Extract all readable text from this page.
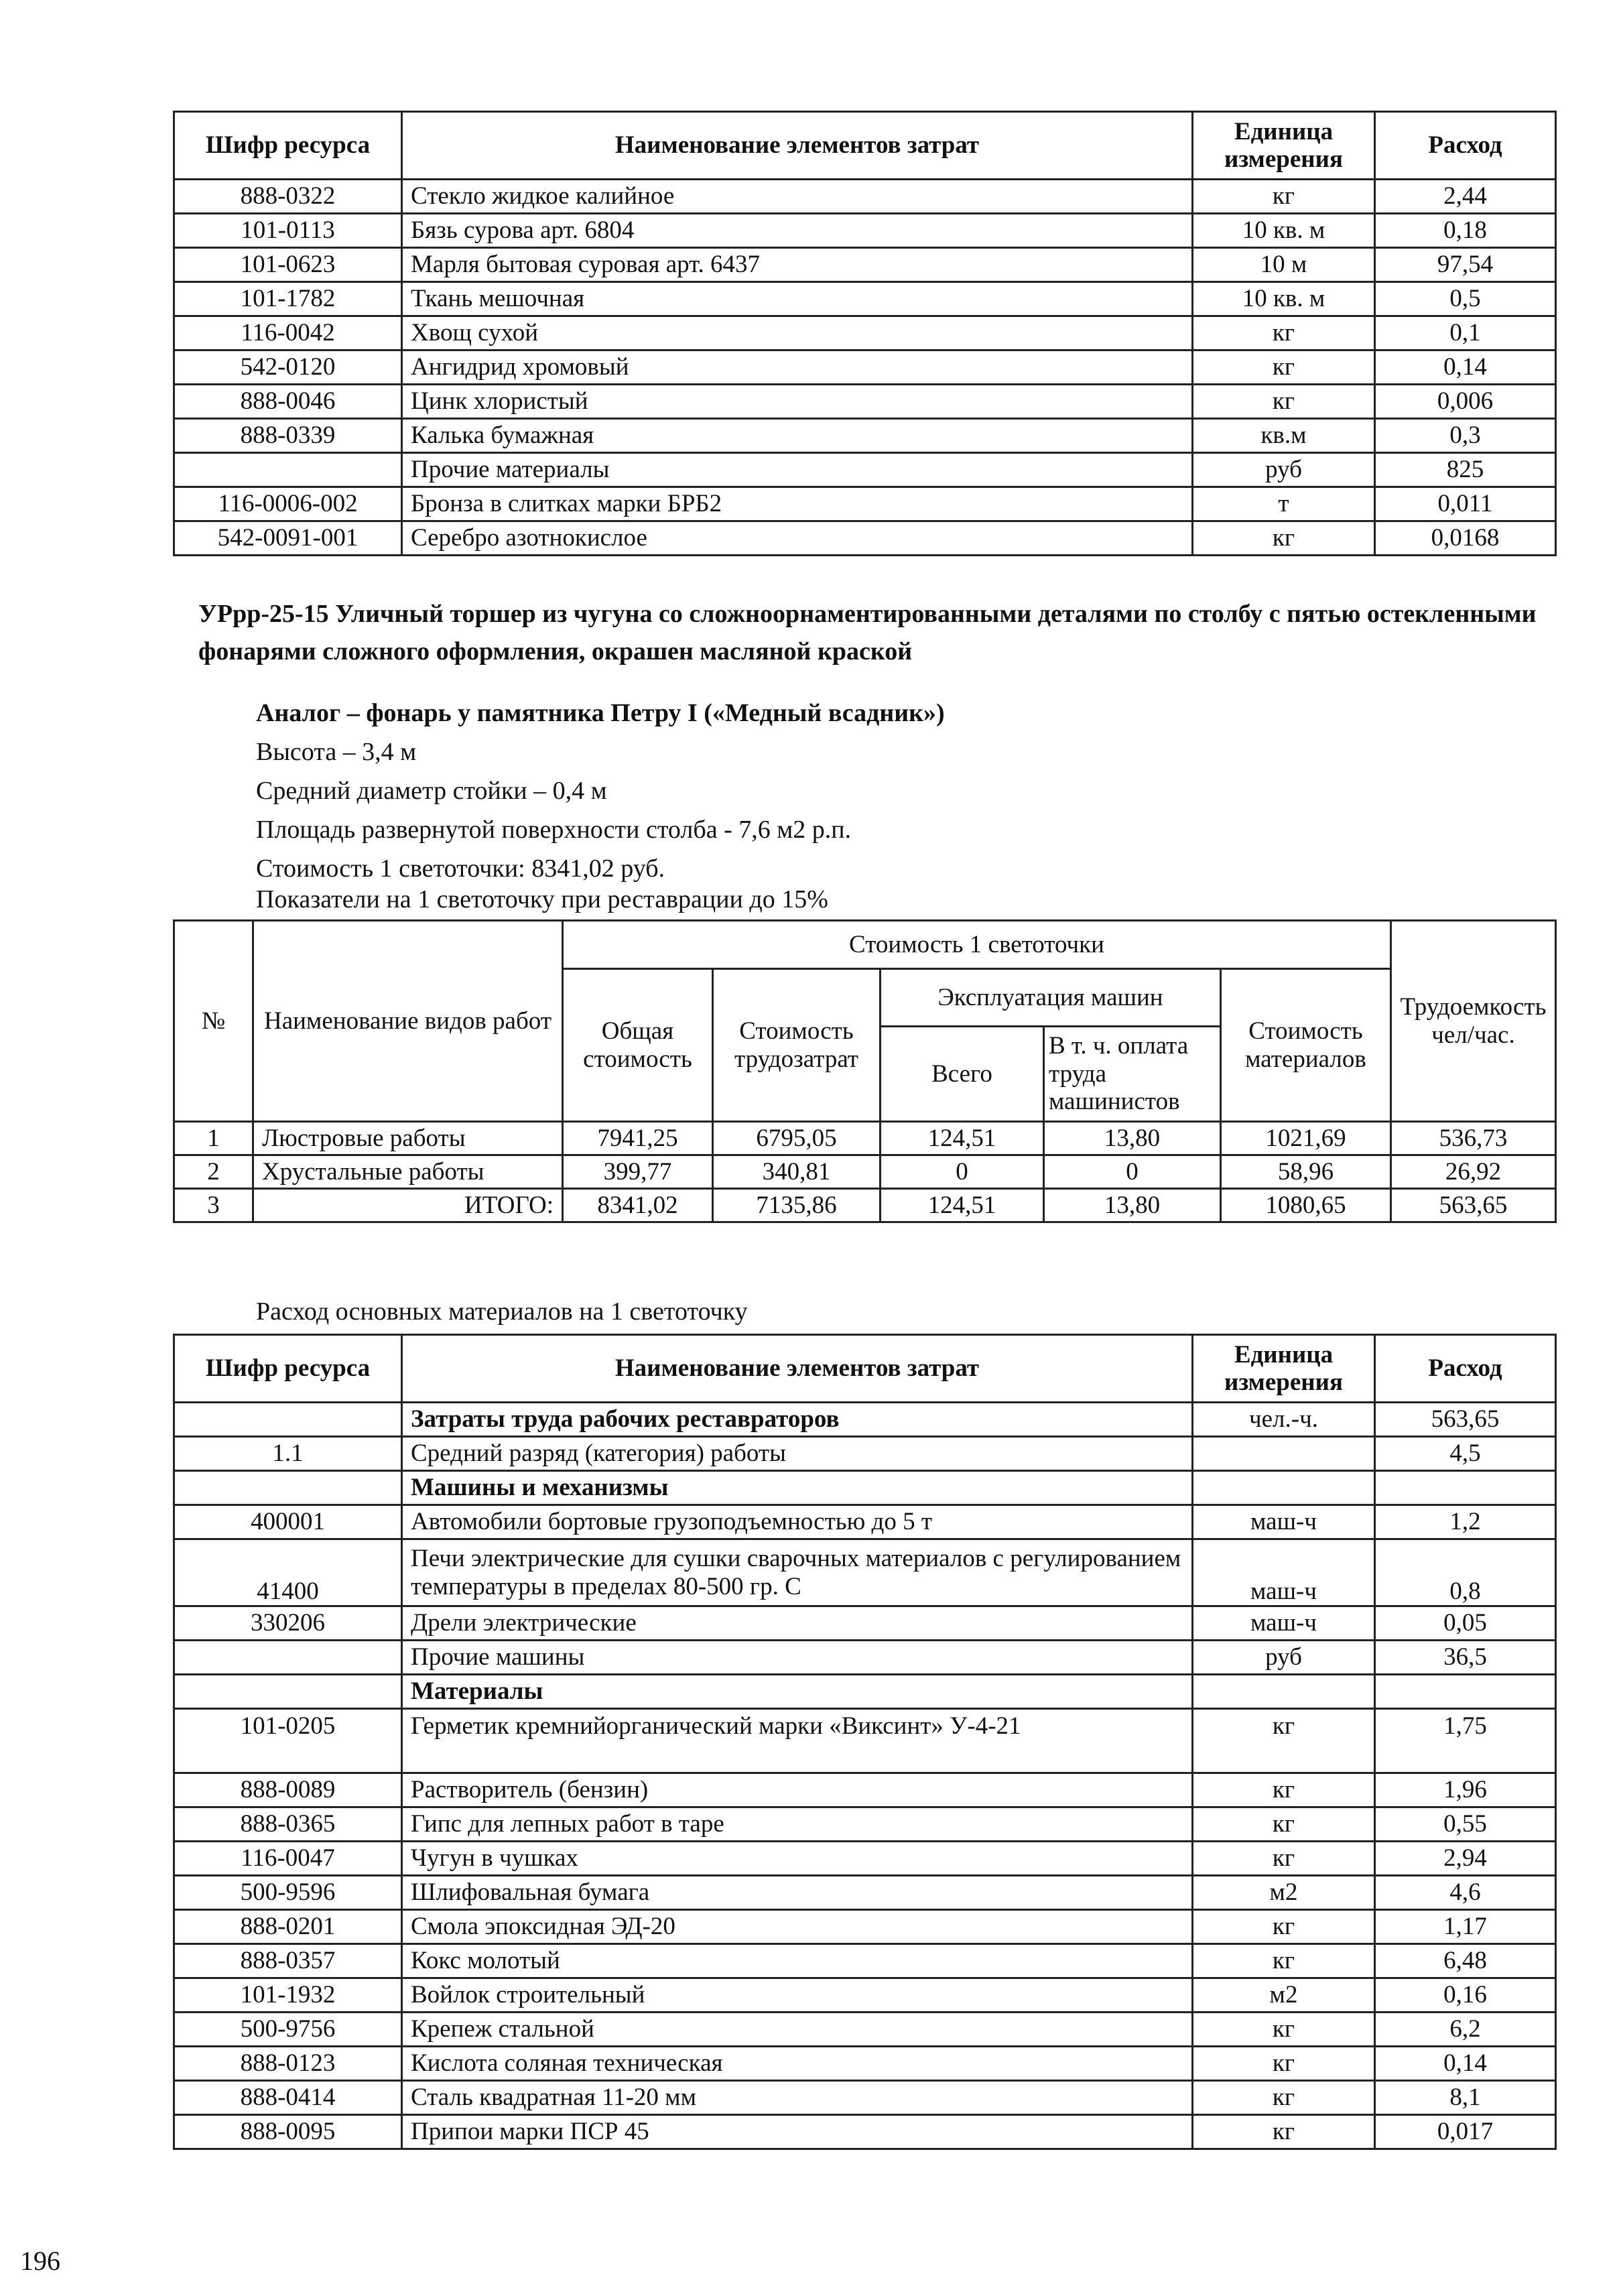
Шифр ресурса	Наименование элементов затрат	Единица измерения	Расход
888-0322	Стекло жидкое калийное	кг	2,44
101-0113	Бязь сурова арт. 6804	10 кв. м	0,18
101-0623	Марля бытовая суровая арт. 6437	10 м	97,54
101-1782	Ткань мешочная	10 кв. м	0,5
116-0042	Хвощ сухой	кг	0,1
542-0120	Ангидрид хромовый	кг	0,14
888-0046	Цинк хлористый	кг	0,006
888-0339	Калька бумажная	кв.м	0,3
	Прочие материалы	руб	825
116-0006-002	Бронза в слитках марки БРБ2	т	0,011
542-0091-001	Серебро азотнокислое	кг	0,0168
УРрр-25-15 Уличный торшер из чугуна со сложноорнаментированными деталями по столбу с пятью остекленными фонарями сложного оформления, окрашен масляной краской
Аналог – фонарь у памятника Петру I («Медный всадник»)
Высота – 3,4 м
Средний диаметр стойки – 0,4 м
Площадь развернутой поверхности столба - 7,6 м2 р.п.
Стоимость 1 светоточки: 8341,02 руб.
Показатели на 1 светоточку при реставрации до 15%
№	Наименование видов работ	Стоимость 1 светоточки					Трудоемкость чел/час.
		Общая стоимость	Стоимость трудозатрат	Эксплуатация машин		Стоимость материалов	
				Всего	В т. ч. оплата труда машинистов		

1	Люстровые работы	7941,25	6795,05	124,51	13,80	1021,69	536,73
2	Хрустальные работы	399,77	340,81	0	0	58,96	26,92
3	ИТОГО:	8341,02	7135,86	124,51	13,80	1080,65	563,65
Расход основных материалов на 1 светоточку
Шифр ресурса	Наименование элементов затрат	Единица измерения	Расход
	Затраты труда рабочих реставраторов	чел.-ч.	563,65
1.1	Средний разряд (категория) работы		4,5
	Машины и механизмы		
400001	Автомобили бортовые грузоподъемностью до 5 т	маш-ч	1,2
41400	Печи электрические для сушки сварочных материалов с регулированием температуры в пределах 80-500 гр. С	маш-ч	0,8
330206	Дрели электрические	маш-ч	0,05
	Прочие машины	руб	36,5
	Материалы		
101-0205	Герметик кремнийорганический марки «Виксинт» У-4-21	кг	1,75
888-0089	Растворитель (бензин)	кг	1,96
888-0365	Гипс для лепных работ в таре	кг	0,55
116-0047	Чугун в чушках	кг	2,94
500-9596	Шлифовальная бумага	м2	4,6
888-0201	Смола эпоксидная ЭД-20	кг	1,17
888-0357	Кокс молотый	кг	6,48
101-1932	Войлок строительный	м2	0,16
500-9756	Крепеж стальной	кг	6,2
888-0123	Кислота соляная техническая	кг	0,14
888-0414	Сталь квадратная 11-20 мм	кг	8,1
888-0095	Припои марки ПСР 45	кг	0,017
196
